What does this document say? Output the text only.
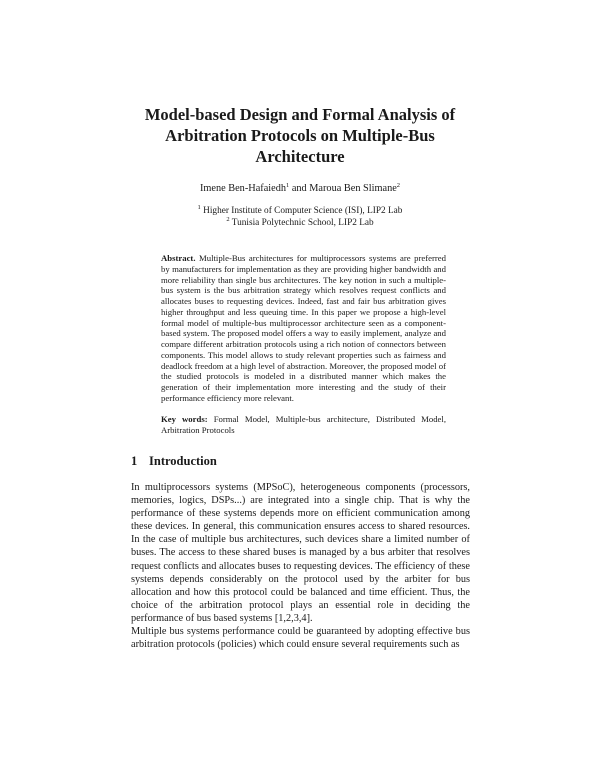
Model-based Design and Formal Analysis of
Arbitration Protocols on Multiple-Bus
Architecture
Imene Ben-Hafaiedh$^1$ and Maroua Ben Slimane$^2$
$^1$ Higher Institute of Computer Science (ISI), LIP2 Lab
$^2$ Tunisia Polytechnic School, LIP2 Lab
Abstract. Multiple-Bus architectures for multiprocessors systems are preferred by manufacturers for implementation as they are providing higher bandwidth and more reliability than single bus architectures. The key notion in such a multiple-bus system is the bus arbitration strategy which resolves request conflicts and allocates buses to requesting devices. Indeed, fast and fair bus arbitration gives higher throughput and less queuing time. In this paper we propose a high-level formal model of multiple-bus multiprocessor architecture seen as a component-based system. The proposed model offers a way to easily implement, analyze and compare different arbitration protocols using a rich notion of connectors between components. This model allows to study relevant properties such as fairness and deadlock freedom at a high level of abstraction. Moreover, the proposed model of the studied protocols is modeled in a distributed manner which makes the generation of their implementation more interesting and the study of their performance efficiency more relevant.
Key words: Formal Model, Multiple-bus architecture, Distributed Model, Arbitration Protocols
1 Introduction

In multiprocessors systems (MPSoC), heterogeneous components (processors, memories, logics, DSPs...) are integrated into a single chip. That is why the performance of these systems depends more on efficient communication among these devices. In general, this communication ensures access to shared resources. In the case of multiple bus architectures, such devices share a limited number of buses. The access to these shared buses is managed by a bus arbiter that resolves request conflicts and allocates buses to requesting devices. The efficiency of these systems depends considerably on the protocol used by the arbiter for bus allocation and how this protocol could be balanced and time efficient. Thus, the choice of the arbitration protocol plays an essential role in deciding the performance of bus based systems [1,2,3,4].

Multiple bus systems performance could be guaranteed by adopting effective bus arbitration protocols (policies) which could ensure several requirements such as
